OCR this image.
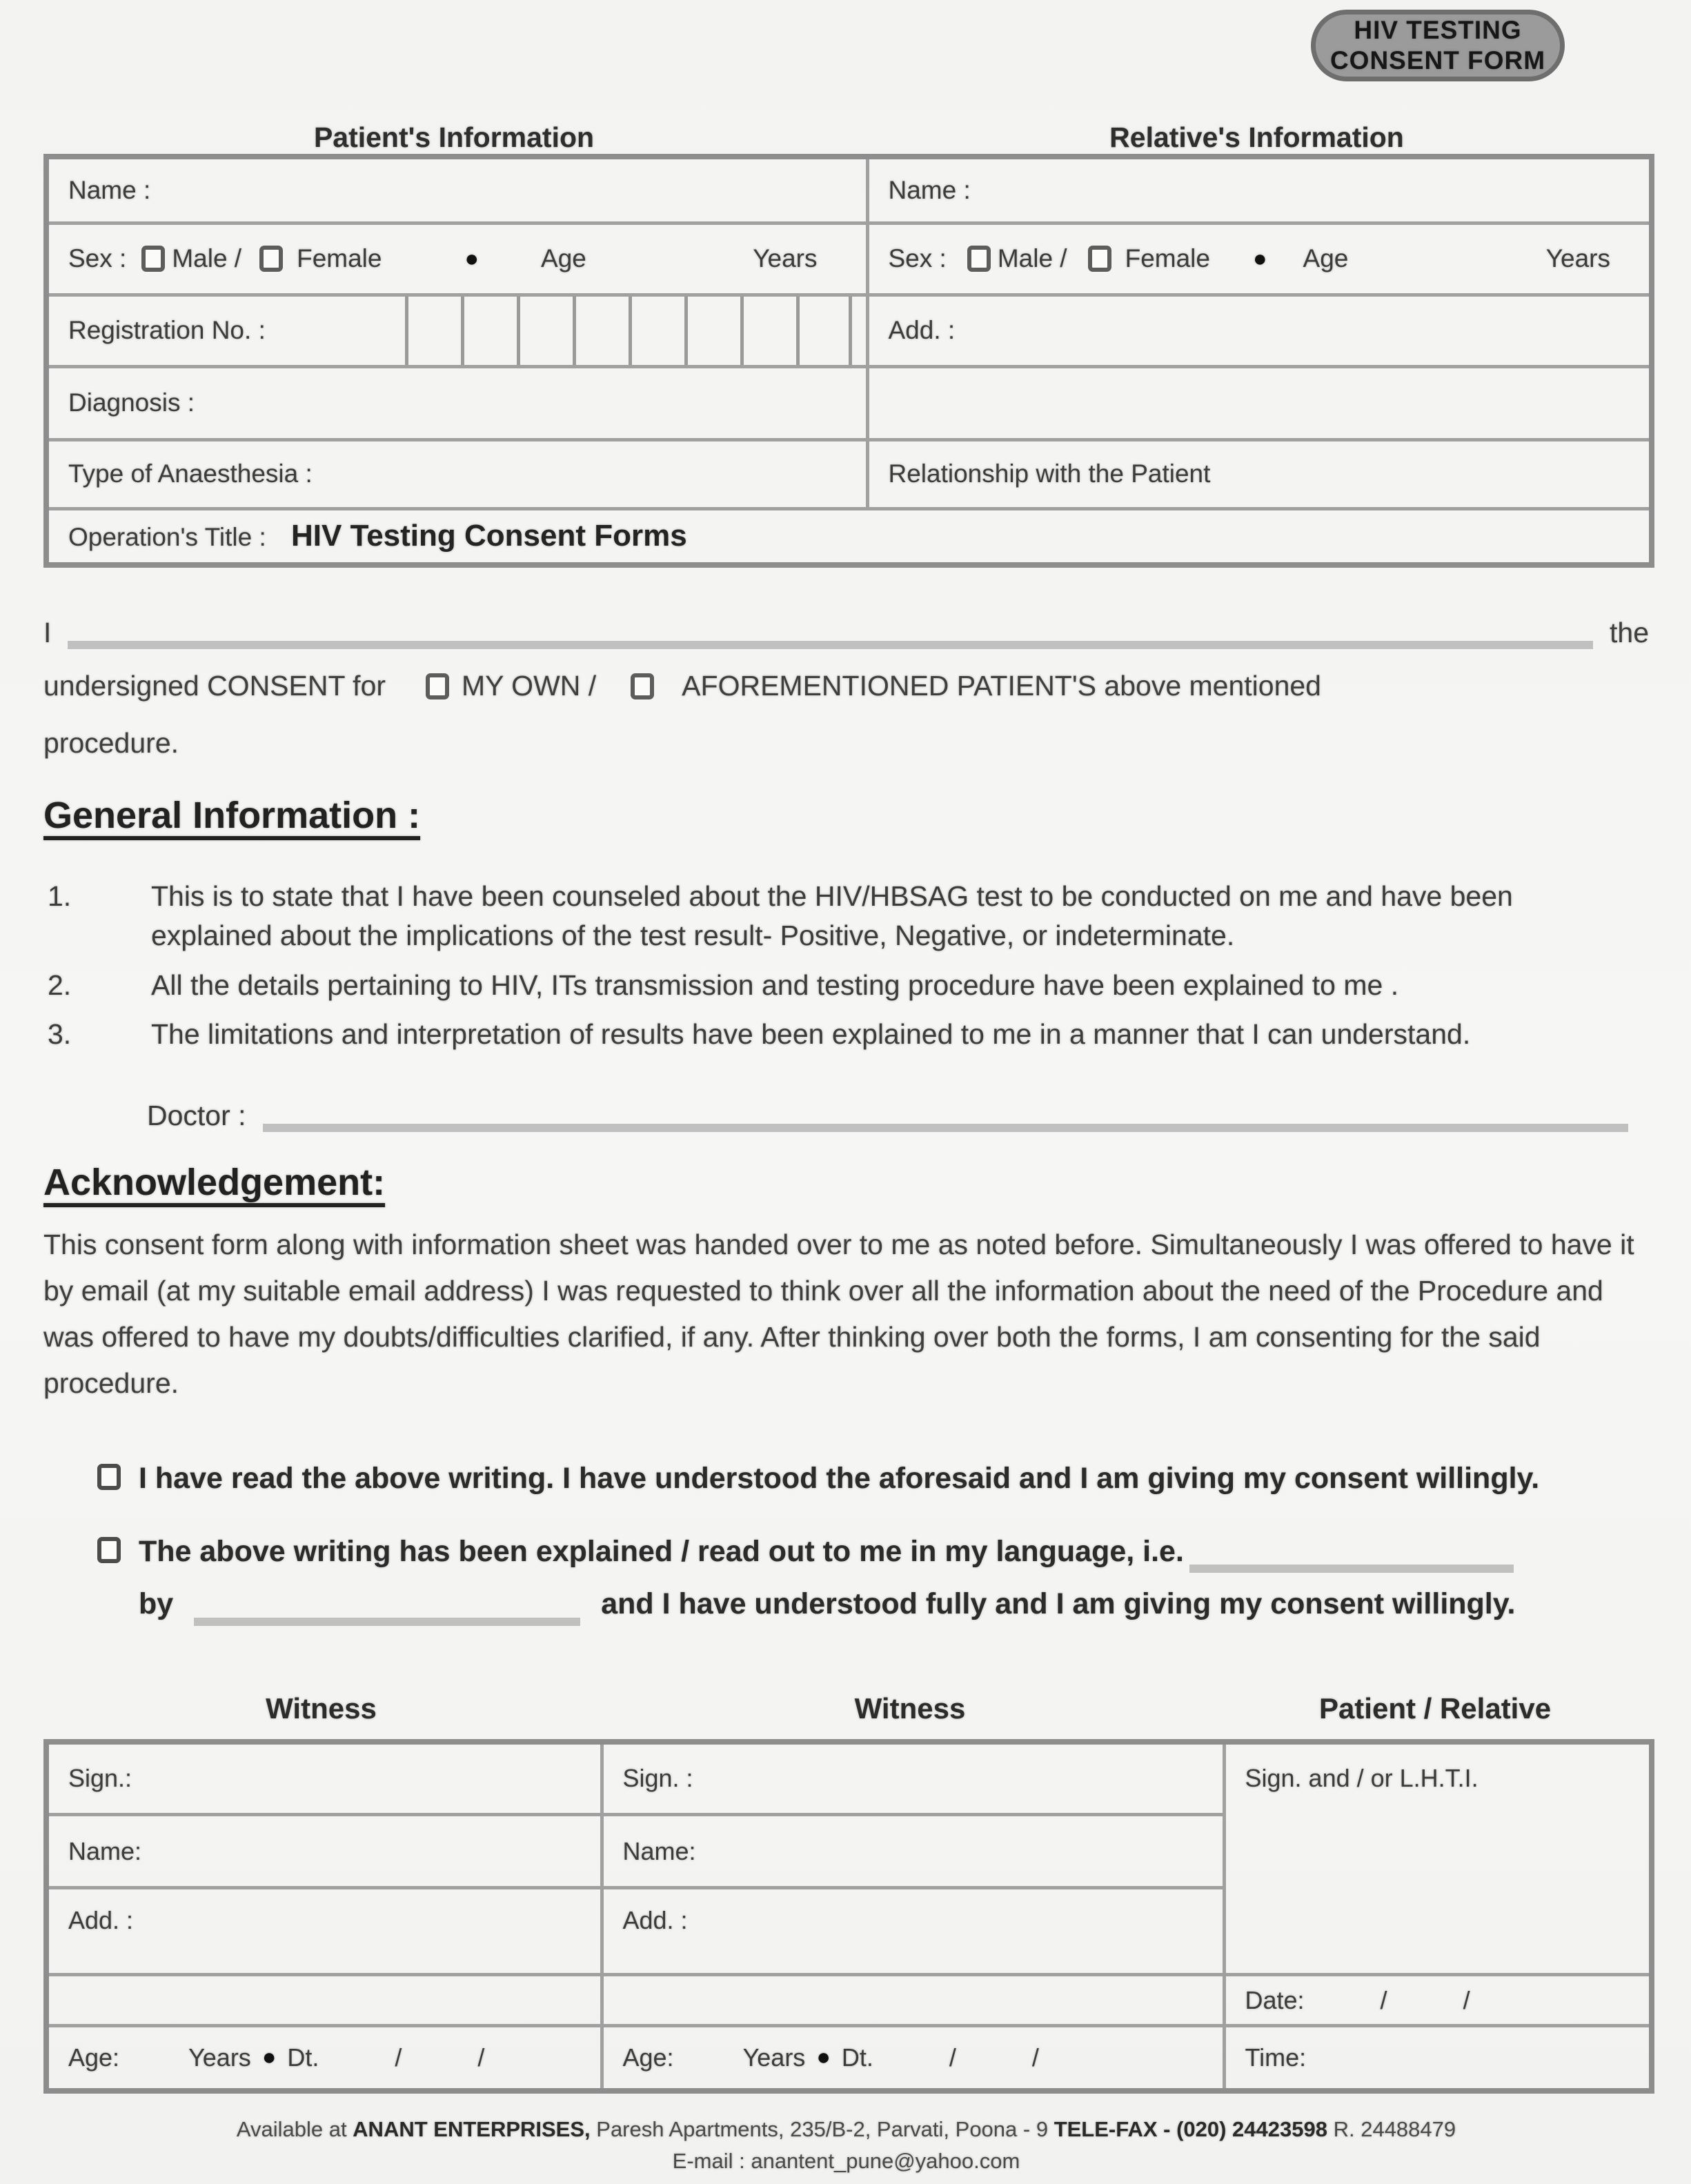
HIV TESTING
CONSENT FORM
Patient's Information	Relative's Information
Name :	Name :

Sex : Male / Female	● Age	Years	Sex : Male / Female ● Age	Years

Registration No. :	Add. :
Diagnosis :	
Type of Anaesthesia :	Relationship with the Patient
Operation's Title : HIV Testing Consent Forms	
I	the
undersigned CONSENT for	MY OWN /	AFOREMENTIONED PATIENT'S above mentioned
procedure.
General Information :
1.	This is to state that I have been counseled about the HIV/HBSAG test to be conducted on me and have been explained about the implications of the test result- Positive, Negative, or indeterminate.
2.	All the details pertaining to HIV, ITs transmission and testing procedure have been explained to me .
3.	The limitations and interpretation of results have been explained to me in a manner that I can understand.
Doctor :
Acknowledgement:
This consent form along with information sheet was handed over to me as noted before. Simultaneously I was offered to have it by email (at my suitable email address) I was requested to think over all the information about the need of the Procedure and was offered to have my doubts/difficulties clarified, if any. After thinking over both the forms, I am consenting for the said procedure.
I have read the above writing. I have understood the aforesaid and I am giving my consent willingly.
The above writing has been explained / read out to me in my language, i.e.
by	and I have understood fully and I am giving my consent willingly.
Witness	Witness	Patient / Relative
Sign.:	Sign. :	Sign. and / or L.H.T.I.
Name:	Name:	
Add. :	Add. :	

		Date: / /

Age:	Years ● Dt.	/	/	Age:	Years ● Dt.	/	/	Time:
Available at ANANT ENTERPRISES, Paresh Apartments, 235/B-2, Parvati, Poona - 9 TELE-FAX - (020) 24423598 R. 24488479
E-mail : anantent_pune@yahoo.com
